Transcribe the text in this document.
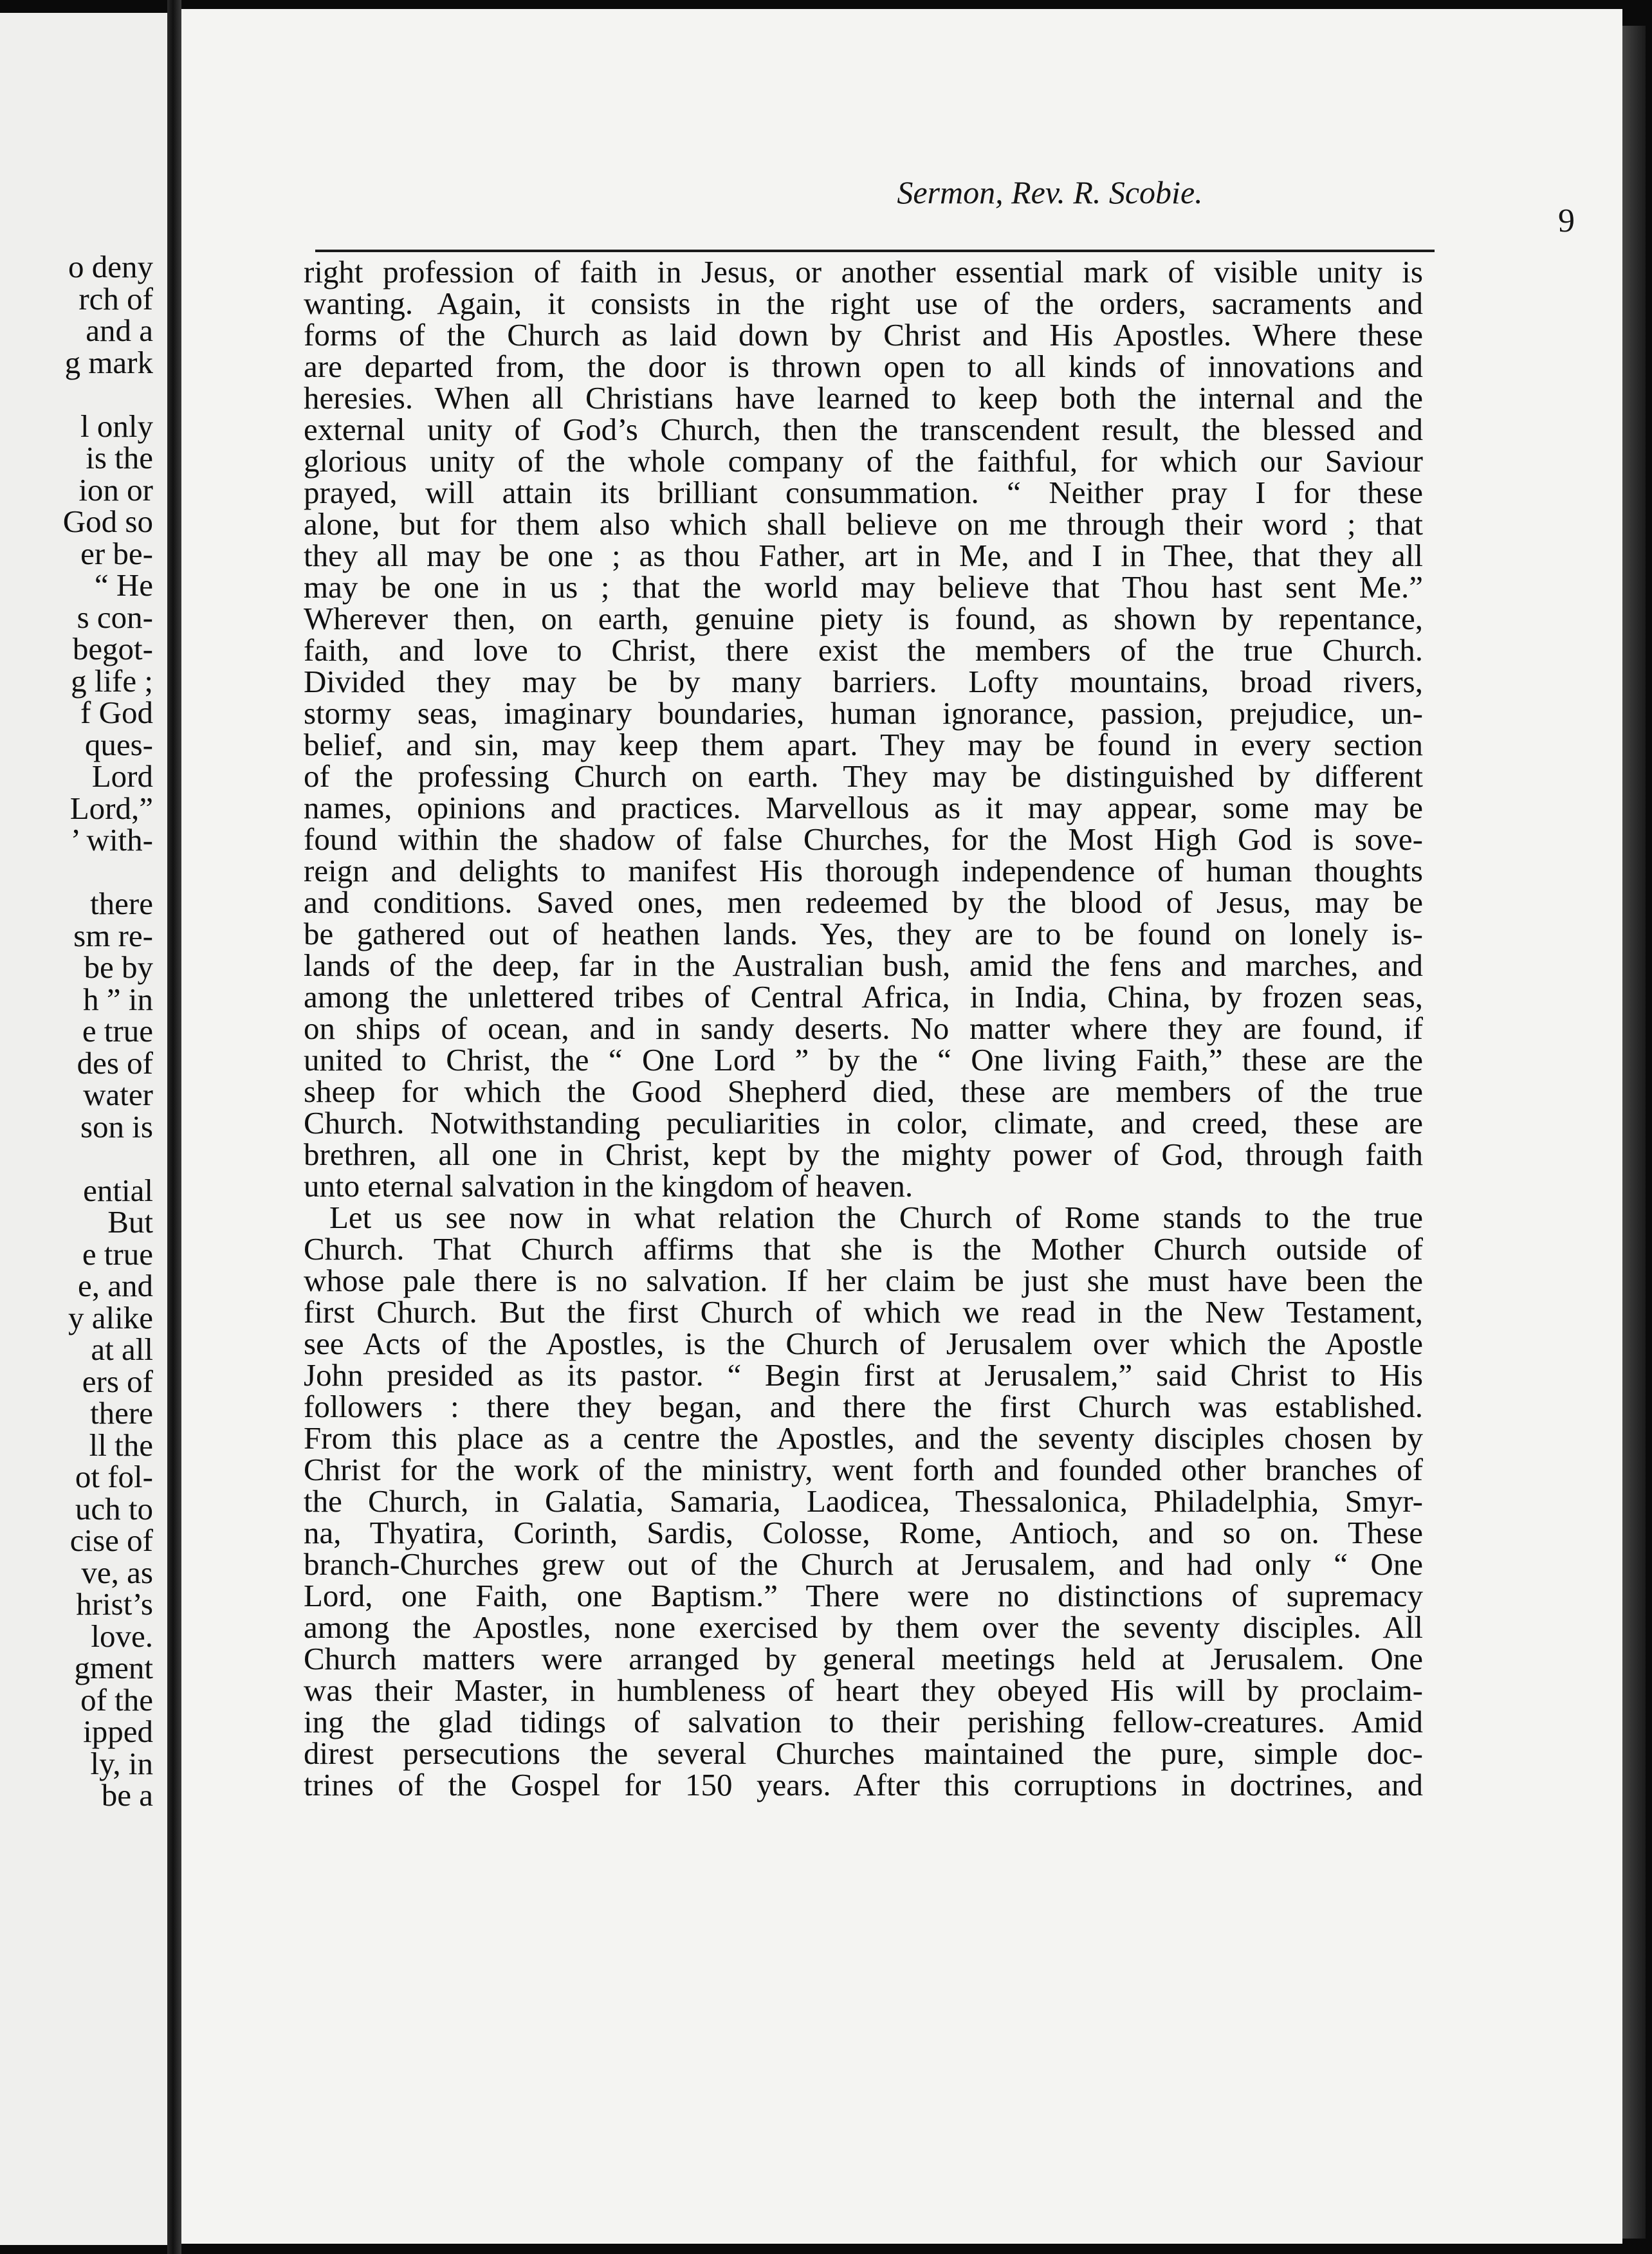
o deny
rch of
and a
g mark
l only
is the
ion or
God so
er be-
“ He
s con-
begot-
g life ;
f God
ques-
Lord
Lord,”
’ with-
there
sm re-
be by
h ” in
e true
des of
water
son is
ential
But
e true
e, and
y alike
at all
ers of
there
ll the
ot fol-
uch to
cise of
ve, as
hrist’s
love.
gment
of the
ipped
ly, in
be a
Sermon, Rev. R. Scobie.
9
right profession of faith in Jesus, or another essential mark of visible unity is
wanting. Again, it consists in the right use of the orders, sacraments and
forms of the Church as laid down by Christ and His Apostles. Where these
are departed from, the door is thrown open to all kinds of innovations and
heresies. When all Christians have learned to keep both the internal and the
external unity of God’s Church, then the transcendent result, the blessed and
glorious unity of the whole company of the faithful, for which our Saviour
prayed, will attain its brilliant consummation. “ Neither pray I for these
alone, but for them also which shall believe on me through their word ; that
they all may be one ; as thou Father, art in Me, and I in Thee, that they all
may be one in us ; that the world may believe that Thou hast sent Me.”
Wherever then, on earth, genuine piety is found, as shown by repentance,
faith, and love to Christ, there exist the members of the true Church.
Divided they may be by many barriers. Lofty mountains, broad rivers,
stormy seas, imaginary boundaries, human ignorance, passion, prejudice, un-
belief, and sin, may keep them apart. They may be found in every section
of the professing Church on earth. They may be distinguished by different
names, opinions and practices. Marvellous as it may appear, some may be
found within the shadow of false Churches, for the Most High God is sove-
reign and delights to manifest His thorough independence of human thoughts
and conditions. Saved ones, men redeemed by the blood of Jesus, may be
be gathered out of heathen lands. Yes, they are to be found on lonely is-
lands of the deep, far in the Australian bush, amid the fens and marches, and
among the unlettered tribes of Central Africa, in India, China, by frozen seas,
on ships of ocean, and in sandy deserts. No matter where they are found, if
united to Christ, the “ One Lord ” by the “ One living Faith,” these are the
sheep for which the Good Shepherd died, these are members of the true
Church. Notwithstanding peculiarities in color, climate, and creed, these are
brethren, all one in Christ, kept by the mighty power of God, through faith
unto eternal salvation in the kingdom of heaven.
Let us see now in what relation the Church of Rome stands to the true
Church. That Church affirms that she is the Mother Church outside of
whose pale there is no salvation. If her claim be just she must have been the
first Church. But the first Church of which we read in the New Testament,
see Acts of the Apostles, is the Church of Jerusalem over which the Apostle
John presided as its pastor. “ Begin first at Jerusalem,” said Christ to His
followers : there they began, and there the first Church was established.
From this place as a centre the Apostles, and the seventy disciples chosen by
Christ for the work of the ministry, went forth and founded other branches of
the Church, in Galatia, Samaria, Laodicea, Thessalonica, Philadelphia, Smyr-
na, Thyatira, Corinth, Sardis, Colosse, Rome, Antioch, and so on. These
branch-Churches grew out of the Church at Jerusalem, and had only “ One
Lord, one Faith, one Baptism.” There were no distinctions of supremacy
among the Apostles, none exercised by them over the seventy disciples. All
Church matters were arranged by general meetings held at Jerusalem. One
was their Master, in humbleness of heart they obeyed His will by proclaim-
ing the glad tidings of salvation to their perishing fellow-creatures. Amid
direst persecutions the several Churches maintained the pure, simple doc-
trines of the Gospel for 150 years. After this corruptions in doctrines, and
